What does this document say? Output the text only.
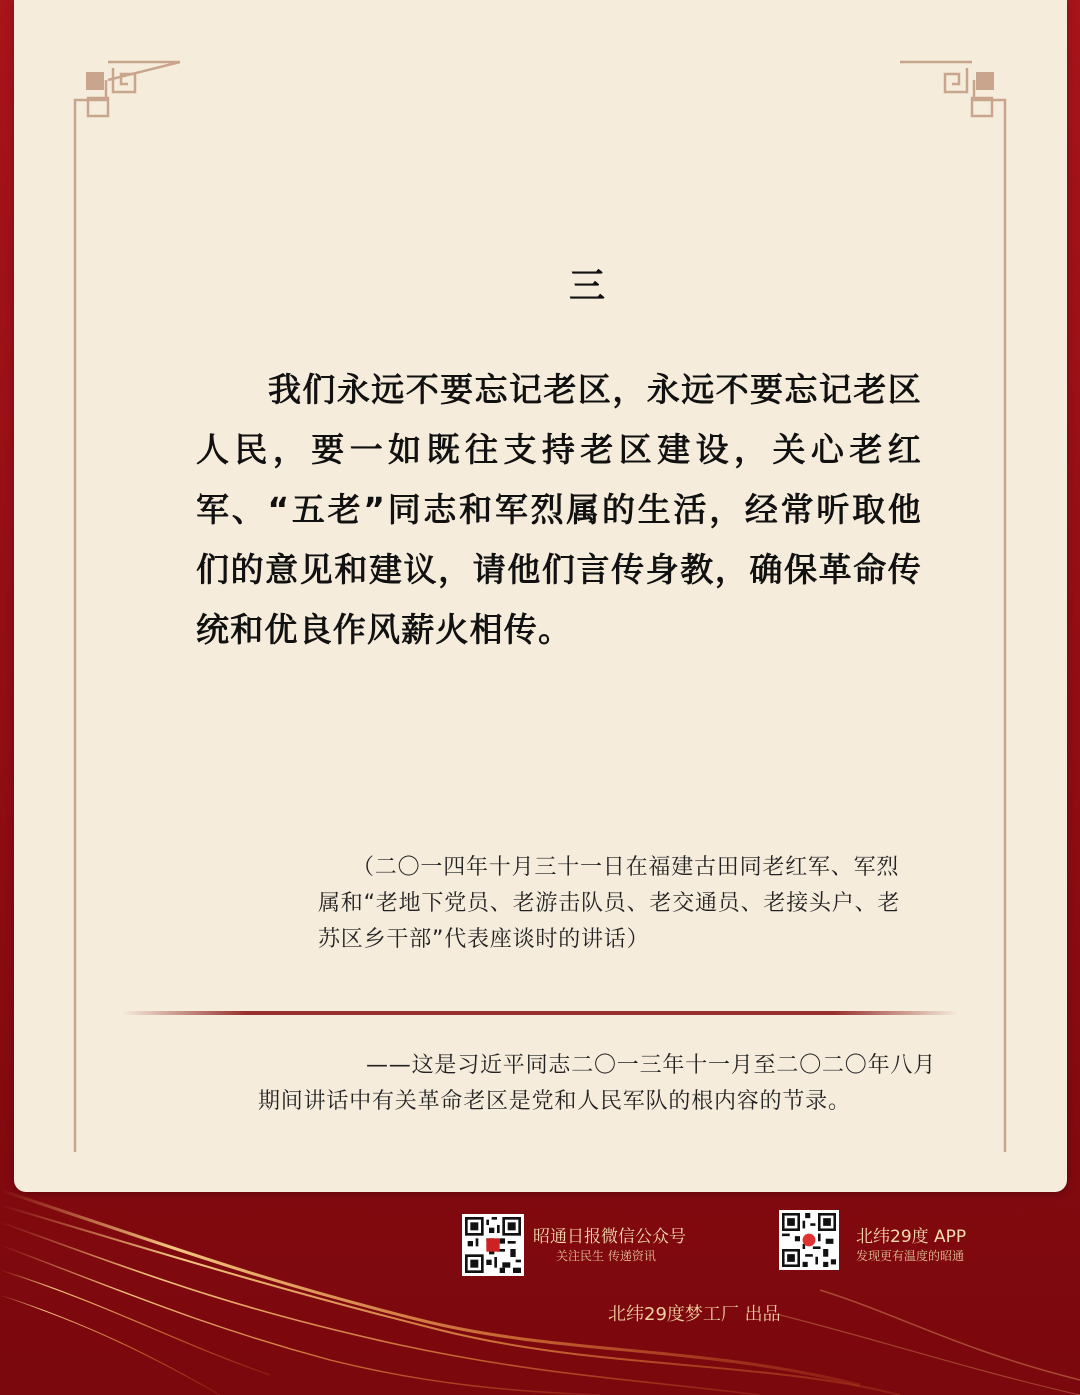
三
我们永远不要忘记老区，永远不要忘记老区人民，要一如既往支持老区建设，关心老红军、“五老”同志和军烈属的生活，经常听取他们的意见和建议，请他们言传身教，确保革命传统和优良作风薪火相传。
（二〇一四年十月三十一日在福建古田同老红军、军烈属和“老地下党员、老游击队员、老交通员、老接头户、老苏区乡干部”代表座谈时的讲话）
——这是习近平同志二〇一三年十一月至二〇二〇年八月
期间讲话中有关革命老区是党和人民军队的根内容的节录。
昭通日报微信公众号
关注民生 传递资讯
北纬29度 APP
发现更有温度的昭通
北纬29度梦工厂 出品
